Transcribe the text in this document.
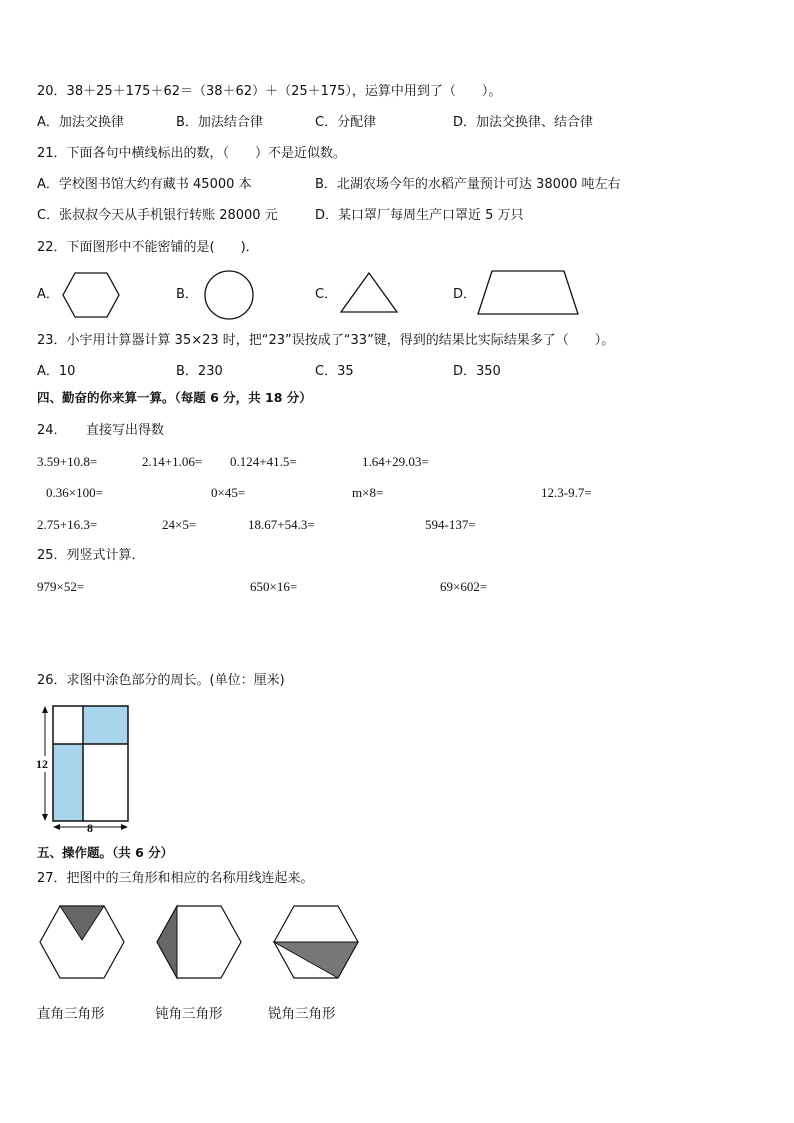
20．38＋25＋175＋62＝（38＋62）＋（25＋175），运算中用到了（　　）。
A．加法交换律	B．加法结合律	C．分配律	D．加法交换律、结合律
21．下面各句中横线标出的数，（　　）不是近似数。
A．学校图书馆大约有藏书 45000 本	B．北湖农场今年的水稻产量预计可达 38000 吨左右
C．张叔叔今天从手机银行转账 28000 元	D．某口罩厂每周生产口罩近 5 万只
22．下面图形中不能密铺的是(　　)．
A．	B．	C．	D．
23．小宇用计算器计算 35×23 时，把“23”误按成了“33”键，得到的结果比实际结果多了（　　）。
A．10	B．230	C．35	D．350
四、勤奋的你来算一算。（每题 6 分，共 18 分）
24．　　直接写出得数
3.59+10.8=	2.14+1.06= 0.124+41.5=	1.64+29.03=
0.36×100=	0×45=	m×8=	12.3-9.7=
2.75+16.3=	24×5=	18.67+54.3=	594-137=
25．列竖式计算．
979×52=	650×16=	69×602=
26．求图中涂色部分的周长。(单位：厘米)
12
8
五、操作题。（共 6 分）
27．把图中的三角形和相应的名称用线连起来。
直角三角形	钝角三角形	锐角三角形
